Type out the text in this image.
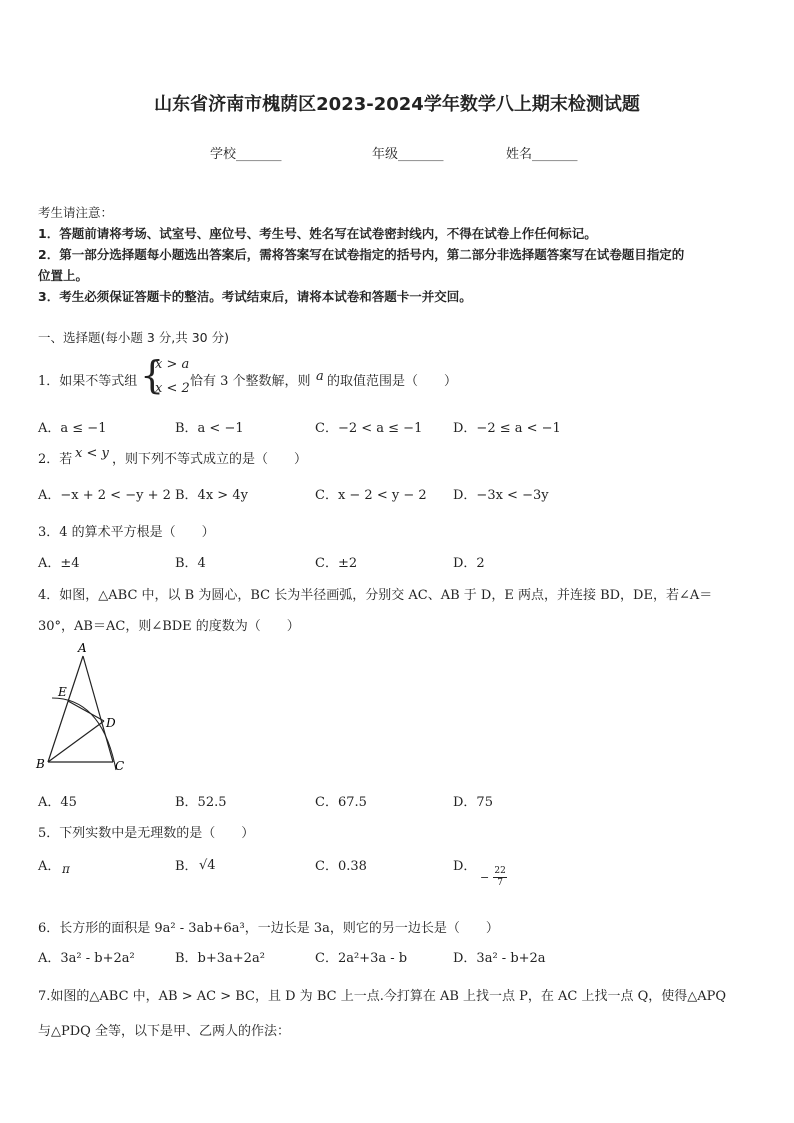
山东省济南市槐荫区2023-2024学年数学八上期末检测试题
学校_______	年级_______	姓名_______
考生请注意：
1．答题前请将考场、试室号、座位号、考生号、姓名写在试卷密封线内，不得在试卷上作任何标记。
2．第一部分选择题每小题选出答案后，需将答案写在试卷指定的括号内，第二部分非选择题答案写在试卷题目指定的
位置上。
3．考生必须保证答题卡的整洁。考试结束后，请将本试卷和答题卡一并交回。
一、选择题(每小题 3 分,共 30 分)
1．如果不等式组 {
x > a
x < 2 恰有 3 个整数解，则 a 的取值范围是（　　）
A．a ≤ −1	B．a < −1	C．−2 < a ≤ −1 D．−2 ≤ a < −1
2．若 x < y ，则下列不等式成立的是（　　）
A．−x + 2 < −y + 2 B．4x > 4y	C．x − 2 < y − 2 D．−3x < −3y
3．4 的算术平方根是（　　）
A．±4	B．4	C．±2	D．2
4．如图，△ABC 中，以 B 为圆心，BC 长为半径画弧，分别交 AC、AB 于 D，E 两点，并连接 BD，DE，若∠A＝
30°，AB＝AC，则∠BDE 的度数为（　　）
A
E
D
B	C
A．45	B．52.5	C．67.5	D．75
5．下列实数中是无理数的是（　　）
A． π	B． √4	C．0.38	D．
− $\frac{22}{7}$
6．长方形的面积是 9a² - 3ab+6a³，一边长是 3a，则它的另一边长是（　　）
A．3a² - b+2a²	B．b+3a+2a²	C．2a²+3a - b	D．3a² - b+2a
7.如图的△ABC 中，AB > AC > BC，且 D 为 BC 上一点.今打算在 AB 上找一点 P，在 AC 上找一点 Q，使得△APQ
与△PDQ 全等，以下是甲、乙两人的作法：
